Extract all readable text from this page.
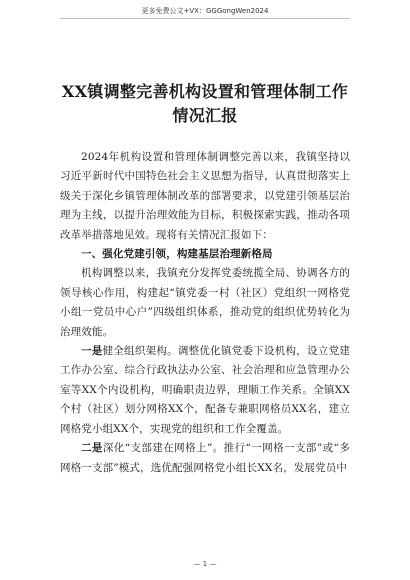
更多免费公文+VX：GGGongWen2024
XX镇调整完善机构设置和管理体制工作
情况汇报

2024年机构设置和管理体制调整完善以来，我镇坚持以习近平新时代中国特色社会主义思想为指导，认真贯彻落实上级关于深化乡镇管理体制改革的部署要求，以党建引领基层治理为主线，以提升治理效能为目标，积极探索实践，推动各项改革举措落地见效。现将有关情况汇报如下：

一、强化党建引领，构建基层治理新格局

机构调整以来，我镇充分发挥党委统揽全局、协调各方的领导核心作用，构建起“镇党委一村（社区）党组织一网格党小组一党员中心户”四级组织体系，推动党的组织优势转化为治理效能。

一是健全组织架构。调整优化镇党委下设机构，设立党建工作办公室、综合行政执法办公室、社会治理和应急管理办公室等XX个内设机构，明确职责边界，理顺工作关系。全镇XX个村（社区）划分网格XX个，配备专兼职网格员XX名，建立网格党小组XX个，实现党的组织和工作全覆盖。

二是深化“支部建在网格上”。推行“一网格一支部”或“多网格一支部”模式，选优配强网格党小组长XX名，发展党员中

— 1 —
